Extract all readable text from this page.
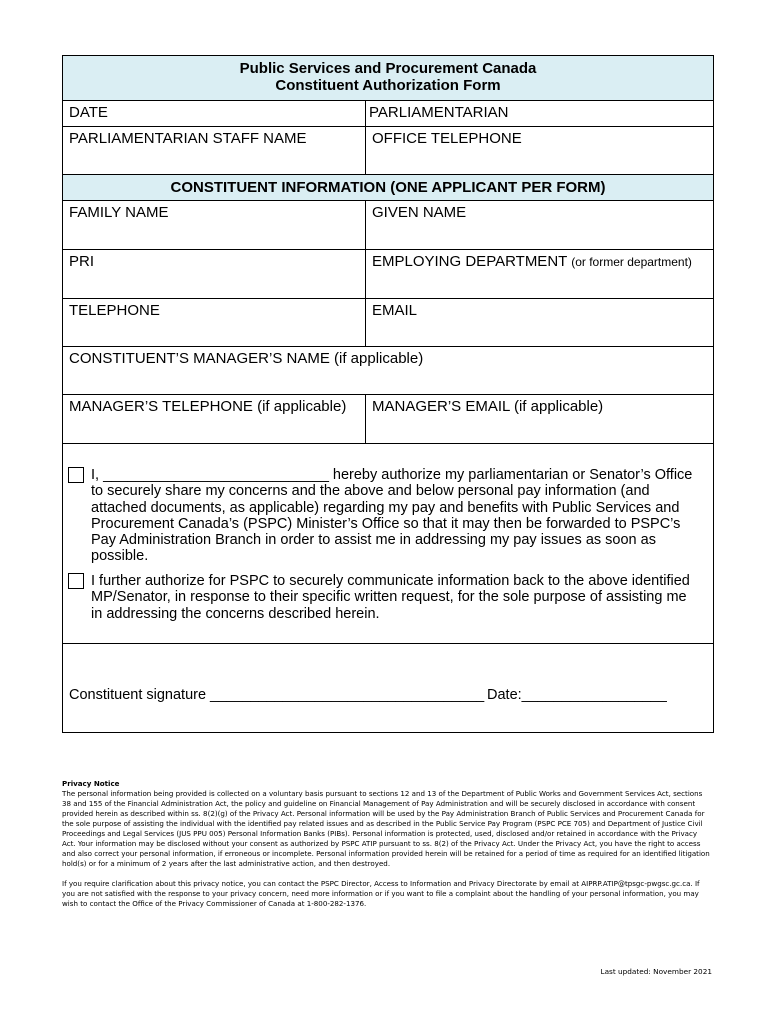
Public Services and Procurement Canada
Constituent Authorization Form	

DATE	PARLIAMENTARIAN
PARLIAMENTARIAN STAFF NAME	OFFICE TELEPHONE
CONSTITUENT INFORMATION (ONE APPLICANT PER FORM)	
FAMILY NAME	GIVEN NAME
PRI	EMPLOYING DEPARTMENT (or former department)
TELEPHONE	EMAIL
CONSTITUENT’S MANAGER’S NAME (if applicable)	
MANAGER’S TELEPHONE (if applicable)	MANAGER’S EMAIL (if applicable)

I, ____________________________ hereby authorize my parliamentarian or Senator’s Office to securely share my concerns and the above and below personal pay information (and attached documents, as applicable) regarding my pay and benefits with Public Services and Procurement Canada’s (PSPC) Minister’s Office so that it may then be forwarded to PSPC’s Pay Administration Branch in order to assist me in addressing my pay issues as soon as possible.
I further authorize for PSPC to securely communicate information back to the above identified MP/Senator, in response to their specific written request, for the sole purpose of assisting me in addressing the concerns described herein.	

Constituent signature __________________________________ Date:__________________	
Privacy Notice

The personal information being provided is collected on a voluntary basis pursuant to sections 12 and 13 of the Department of Public Works and Government Services Act, sections 38 and 155 of the Financial Administration Act, the policy and guideline on Financial Management of Pay Administration and will be securely disclosed in accordance with consent provided herein as described within ss. 8(2)(g) of the Privacy Act. Personal information will be used by the Pay Administration Branch of Public Services and Procurement Canada for the sole purpose of assisting the individual with the identified pay related issues and as described in the Public Service Pay Program (PSPC PCE 705) and Department of Justice Civil Proceedings and Legal Services (JUS PPU 005) Personal Information Banks (PIBs). Personal information is protected, used, disclosed and/or retained in accordance with the Privacy Act. Your information may be disclosed without your consent as authorized by PSPC ATIP pursuant to ss. 8(2) of the Privacy Act. Under the Privacy Act, you have the right to access and also correct your personal information, if erroneous or incomplete. Personal information provided herein will be retained for a period of time as required for an identified litigation hold(s) or for a minimum of 2 years after the last administrative action, and then destroyed.

If you require clarification about this privacy notice, you can contact the PSPC Director, Access to Information and Privacy Directorate by email at AIPRP.ATIP@tpsgc-pwgsc.gc.ca. If you are not satisfied with the response to your privacy concern, need more information or if you want to file a complaint about the handling of your personal information, you may wish to contact the Office of the Privacy Commissioner of Canada at 1-800-282-1376.

Last updated: November 2021
